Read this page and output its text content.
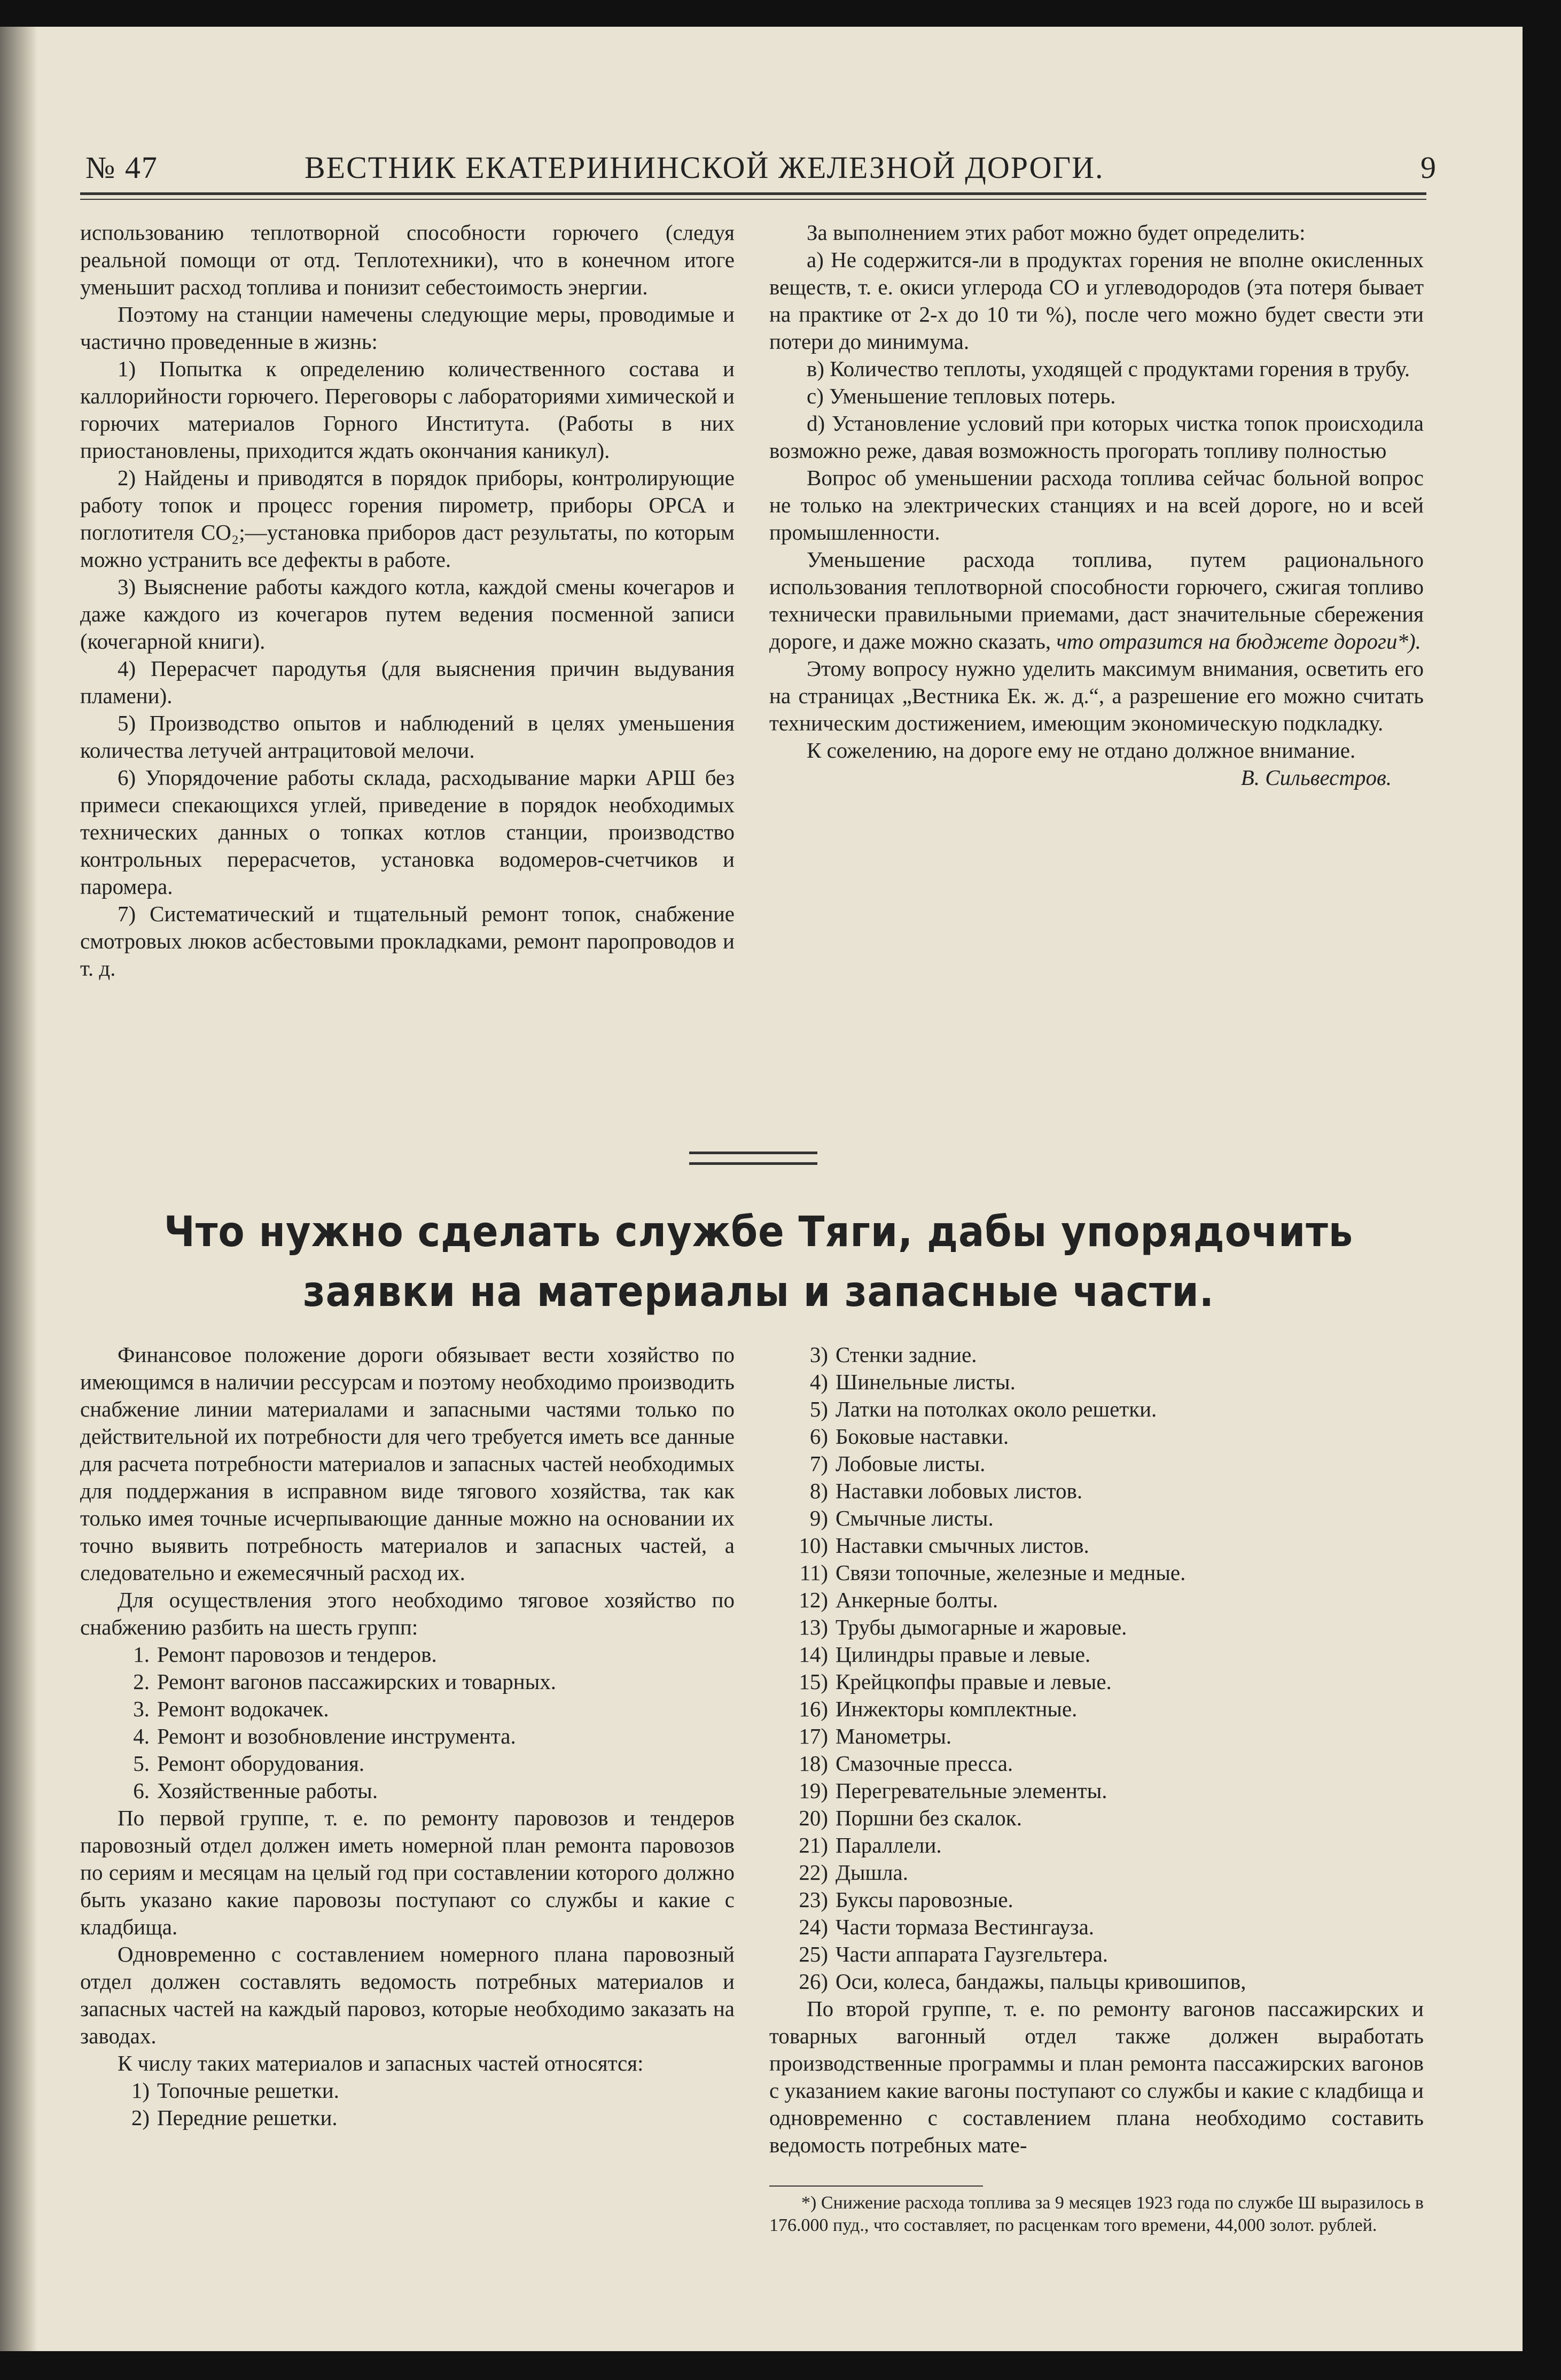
№ 47	ВЕСТНИК ЕКАТЕРИНИНСКОЙ ЖЕЛЕЗНОЙ ДОРОГИ.	9

использованию теплотворной способности горючего (следуя реальной помощи от отд. Теплотехники), что в конечном итоге уменьшит расход топлива и понизит себестоимость энергии.

Поэтому на станции намечены следующие меры, проводимые и частично проведенные в жизнь:

1) Попытка к определению количественного состава и каллорийности горючего. Переговоры с лабораториями химической и горючих материалов Горного Института. (Работы в них приостановлены, приходится ждать окончания каникул).

2) Найдены и приводятся в порядок приборы, контролирующие работу топок и процесс горения пирометр, приборы ОРСА и поглотителя CO₂;—установка приборов даст результаты, по которым можно устранить все дефекты в работе.

3) Выяснение работы каждого котла, каждой смены кочегаров и даже каждого из кочегаров путем ведения посменной записи (кочегарной книги).

4) Перерасчет пародутья (для выяснения причин выдувания пламени).

5) Производство опытов и наблюдений в целях уменьшения количества летучей антрацитовой мелочи.

6) Упорядочение работы склада, расходывание марки АРШ без примеси спекающихся углей, приведение в порядок необходимых технических данных о топках котлов станции, производство контрольных перерасчетов, установка водомеров-счетчиков и паромера.

7) Систематический и тщательный ремонт топок, снабжение смотровых люков асбестовыми прокладками, ремонт паропроводов и т. д.

За выполнением этих работ можно будет определить:

а) Не содержится-ли в продуктах горения не вполне окисленных веществ, т. е. окиси углерода CO и углеводородов (эта потеря бывает на практике от 2-х до 10 ти %), после чего можно будет свести эти потери до минимума.

в) Количество теплоты, уходящей с продуктами горения в трубу.

с) Уменьшение тепловых потерь.

d) Установление условий при которых чистка топок происходила возможно реже, давая возможность прогорать топливу полностью

Вопрос об уменьшении расхода топлива сейчас больной вопрос не только на электрических станциях и на всей дороге, но и всей промышленности.

Уменьшение расхода топлива, путем рационального использования теплотворной способности горючего, сжигая топливо технически правильными приемами, даст значительные сбережения дороге, и даже можно сказать, что отразится на бюджете дороги*).

Этому вопросу нужно уделить максимум внимания, осветить его на страницах „Вестника Ек. ж. д.“, а разрешение его можно считать техническим достижением, имеющим экономическую подкладку.

К сожелению, на дороге ему не отдано должное внимание.

В. Сильвестров.

Что нужно сделать службе Тяги, дабы упорядочить заявки на материалы и запасные части.

Финансовое положение дороги обязывает вести хозяйство по имеющимся в наличии рессурсам и поэтому необходимо производить снабжение линии материалами и запасными частями только по действительной их потребности для чего требуется иметь все данные для расчета потребности материалов и запасных частей необходимых для поддержания в исправном виде тягового хозяйства, так как только имея точные исчерпывающие данные можно на основании их точно выявить потребность материалов и запасных частей, а следовательно и ежемесячный расход их.

Для осуществления этого необходимо тяговое хозяйство по снабжению разбить на шесть групп:

1. Ремонт паровозов и тендеров.
2. Ремонт вагонов пассажирских и товарных.
3. Ремонт водокачек.
4. Ремонт и возобновление инструмента.
5. Ремонт оборудования.
6. Хозяйственные работы.

По первой группе, т. е. по ремонту паровозов и тендеров паровозный отдел должен иметь номерной план ремонта паровозов по сериям и месяцам на целый год при составлении которого должно быть указано какие паровозы поступают со службы и какие с кладбища.

Одновременно с составлением номерного плана паровозный отдел должен составлять ведомость потребных материалов и запасных частей на каждый паровоз, которые необходимо заказать на заводах.

К числу таких материалов и запасных частей относятся:

1) Топочные решетки.
2) Передние решетки.
3) Стенки задние.
4) Шинельные листы.
5) Латки на потолках около решетки.
6) Боковые наставки.
7) Лобовые листы.
8) Наставки лобовых листов.
9) Смычные листы.
10) Наставки смычных листов.
11) Связи топочные, железные и медные.
12) Анкерные болты.
13) Трубы дымогарные и жаровые.
14) Цилиндры правые и левые.
15) Крейцкопфы правые и левые.
16) Инжекторы комплектные.
17) Манометры.
18) Смазочные пресса.
19) Перегревательные элементы.
20) Поршни без скалок.
21) Параллели.
22) Дышла.
23) Буксы паровозные.
24) Части тормаза Вестингауза.
25) Части аппарата Гаузгельтера.
26) Оси, колеса, бандажы, пальцы кривошипов,

По второй группе, т. е. по ремонту вагонов пассажирских и товарных вагонный отдел также должен выработать производственные программы и план ремонта пассажирских вагонов с указанием какие вагоны поступают со службы и какие с кладбища и одновременно с составлением плана необходимо составить ведомость потребных мате-

*) Снижение расхода топлива за 9 месяцев 1923 года по службе Ш выразилось в 176.000 пуд., что составляет, по расценкам того времени, 44,000 золот. рублей.
